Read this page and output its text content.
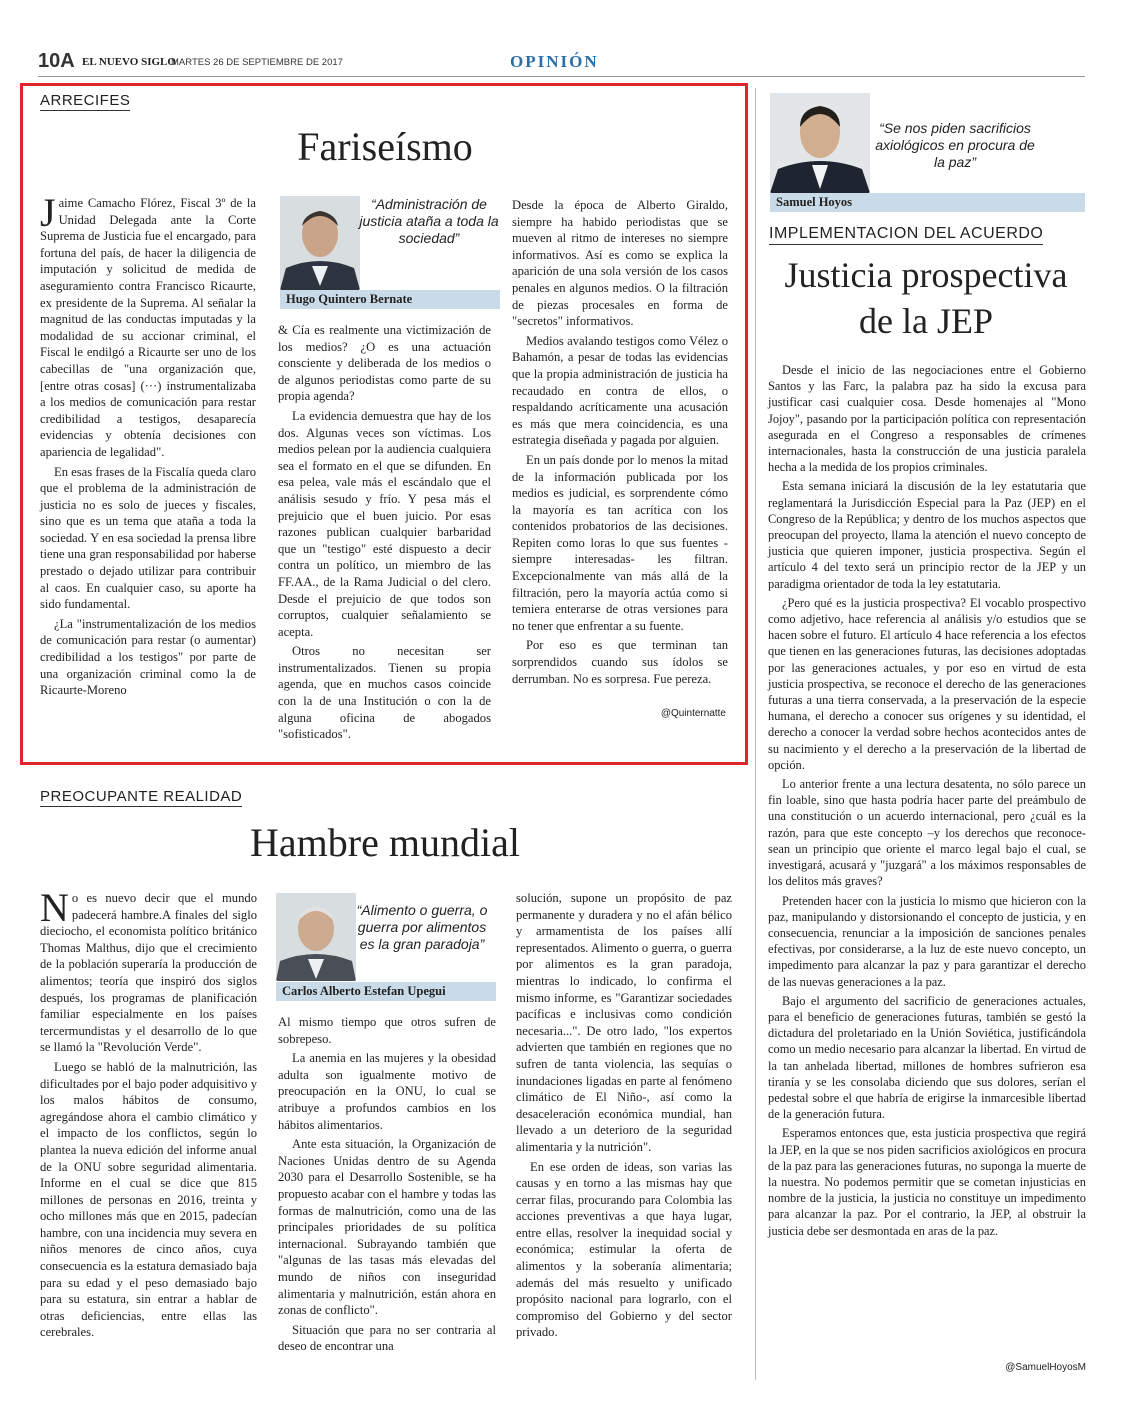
10A EL NUEVO SIGLO
MARTES 26 DE SEPTIEMBRE DE 2017	OPINIÓN
ARRECIFES
Fariseísmo

Jaime Camacho Flórez, Fiscal 3º de la Unidad Delegada ante la Corte Suprema de Justicia fue el encargado, para fortuna del país, de hacer la diligencia de imputación y solicitud de medida de aseguramiento contra Francisco Ricaurte, ex presidente de la Suprema. Al señalar la magnitud de las conductas imputadas y la modalidad de su accionar criminal, el Fiscal le endilgó a Ricaurte ser uno de los cabecillas de "una organización que, [entre otras cosas] (···) instrumentalizaba a los medios de comunicación para restar credibilidad a testigos, desaparecía evidencias y obtenía decisiones con apariencia de legalidad".

En esas frases de la Fiscalía queda claro que el problema de la administración de justicia no es solo de jueces y fiscales, sino que es un tema que ataña a toda la sociedad. Y en esa sociedad la prensa libre tiene una gran responsabilidad por haberse prestado o dejado utilizar para contribuir al caos. En cualquier caso, su aporte ha sido fundamental.

¿La "instrumentalización de los medios de comunicación para restar (o aumentar) credibilidad a los testigos" por parte de una organización criminal como la de Ricaurte-Moreno

“Administración de justicia ataña a toda la sociedad”
Hugo Quintero Bernate

& Cía es realmente una victimización de los medios? ¿O es una actuación consciente y deliberada de los medios o de algunos periodistas como parte de su propia agenda?

La evidencia demuestra que hay de los dos. Algunas veces son víctimas. Los medios pelean por la audiencia cualquiera sea el formato en el que se difunden. En esa pelea, vale más el escándalo que el análisis sesudo y frío. Y pesa más el prejuicio que el buen juicio. Por esas razones publican cualquier barbaridad que un "testigo" esté dispuesto a decir contra un político, un miembro de las FF.AA., de la Rama Judicial o del clero. Desde el prejuicio de que todos son corruptos, cualquier señalamiento se acepta.

Otros no necesitan ser instrumentalizados. Tienen su propia agenda, que en muchos casos coincide con la de una Institución o con la de alguna oficina de abogados "sofisticados".

Desde la época de Alberto Giraldo, siempre ha habido periodistas que se mueven al ritmo de intereses no siempre informativos. Así es como se explica la aparición de una sola versión de los casos penales en algunos medios. O la filtración de piezas procesales en forma de "secretos" informativos.

Medios avalando testigos como Vélez o Bahamón, a pesar de todas las evidencias que la propia administración de justicia ha recaudado en contra de ellos, o respaldando acríticamente una acusación es más que mera coincidencia, es una estrategia diseñada y pagada por alguien.

En un país donde por lo menos la mitad de la información publicada por los medios es judicial, es sorprendente cómo la mayoría es tan acrítica con los contenidos probatorios de las decisiones. Repiten como loras lo que sus fuentes -siempre interesadas- les filtran. Excepcionalmente van más allá de la filtración, pero la mayoría actúa como si temiera enterarse de otras versiones para no tener que enfrentar a su fuente.

Por eso es que terminan tan sorprendidos cuando sus ídolos se derrumban. No es sorpresa. Fue pereza.

@Quinternatte
PREOCUPANTE REALIDAD
Hambre mundial

No es nuevo decir que el mundo padecerá hambre.A finales del siglo dieciocho, el economista político británico Thomas Malthus, dijo que el crecimiento de la población superaría la producción de alimentos; teoría que inspiró dos siglos después, los programas de planificación familiar especialmente en los países tercermundistas y el desarrollo de lo que se llamó la "Revolución Verde".

Luego se habló de la malnutrición, las dificultades por el bajo poder adquisitivo y los malos hábitos de consumo, agregándose ahora el cambio climático y el impacto de los conflictos, según lo plantea la nueva edición del informe anual de la ONU sobre seguridad alimentaria. Informe en el cual se dice que 815 millones de personas en 2016, treinta y ocho millones más que en 2015, padecían hambre, con una incidencia muy severa en niños menores de cinco años, cuya consecuencia es la estatura demasiado baja para su edad y el peso demasiado bajo para su estatura, sin entrar a hablar de otras deficiencias, entre ellas las cerebrales.

“Alimento o guerra, o guerra por alimentos es la gran paradoja”
Carlos Alberto Estefan Upegui

Al mismo tiempo que otros sufren de sobrepeso.

La anemia en las mujeres y la obesidad adulta son igualmente motivo de preocupación en la ONU, lo cual se atribuye a profundos cambios en los hábitos alimentarios.

Ante esta situación, la Organización de Naciones Unidas dentro de su Agenda 2030 para el Desarrollo Sostenible, se ha propuesto acabar con el hambre y todas las formas de malnutrición, como una de las principales prioridades de su política internacional. Subrayando también que "algunas de las tasas más elevadas del mundo de niños con inseguridad alimentaria y malnutrición, están ahora en zonas de conflicto".

Situación que para no ser contraria al deseo de encontrar una

solución, supone un propósito de paz permanente y duradera y no el afán bélico y armamentista de los países allí representados. Alimento o guerra, o guerra por alimentos es la gran paradoja, mientras lo indicado, lo confirma el mismo informe, es "Garantizar sociedades pacíficas e inclusivas como condición necesaria...". De otro lado, "los expertos advierten que también en regiones que no sufren de tanta violencia, las sequías o inundaciones ligadas en parte al fenómeno climático de El Niño-, así como la desaceleración económica mundial, han llevado a un deterioro de la seguridad alimentaria y la nutrición".

En ese orden de ideas, son varias las causas y en torno a las mismas hay que cerrar filas, procurando para Colombia las acciones preventivas a que haya lugar, entre ellas, resolver la inequidad social y económica; estimular la oferta de alimentos y la soberanía alimentaria; además del más resuelto y unificado propósito nacional para lograrlo, con el compromiso del Gobierno y del sector privado.

“Se nos piden sacrificios axiológicos en procura de la paz”
Samuel Hoyos
IMPLEMENTACION DEL ACUERDO
Justicia prospectiva
de la JEP

Desde el inicio de las negociaciones entre el Gobierno Santos y las Farc, la palabra paz ha sido la excusa para justificar casi cualquier cosa. Desde homenajes al "Mono Jojoy", pasando por la participación política con representación asegurada en el Congreso a responsables de crímenes internacionales, hasta la construcción de una justicia paralela hecha a la medida de los propios criminales.

Esta semana iniciará la discusión de la ley estatutaria que reglamentará la Jurisdicción Especial para la Paz (JEP) en el Congreso de la República; y dentro de los muchos aspectos que preocupan del proyecto, llama la atención el nuevo concepto de justicia que quieren imponer, justicia prospectiva. Según el artículo 4 del texto será un principio rector de la JEP y un paradigma orientador de toda la ley estatutaria.

¿Pero qué es la justicia prospectiva? El vocablo prospectivo como adjetivo, hace referencia al análisis y/o estudios que se hacen sobre el futuro. El artículo 4 hace referencia a los efectos que tienen en las generaciones futuras, las decisiones adoptadas por las generaciones actuales, y por eso en virtud de esta justicia prospectiva, se reconoce el derecho de las generaciones futuras a una tierra conservada, a la preservación de la especie humana, el derecho a conocer sus orígenes y su identidad, el derecho a conocer la verdad sobre hechos acontecidos antes de su nacimiento y el derecho a la preservación de la libertad de opción.

Lo anterior frente a una lectura desatenta, no sólo parece un fin loable, sino que hasta podría hacer parte del preámbulo de una constitución o un acuerdo internacional, pero ¿cuál es la razón, para que este concepto –y los derechos que reconoce- sean un principio que oriente el marco legal bajo el cual, se investigará, acusará y "juzgará" a los máximos responsables de los delitos más graves?

Pretenden hacer con la justicia lo mismo que hicieron con la paz, manipulando y distorsionando el concepto de justicia, y en consecuencia, renunciar a la imposición de sanciones penales efectivas, por considerarse, a la luz de este nuevo concepto, un impedimento para alcanzar la paz y para garantizar el derecho de las nuevas generaciones a la paz.

Bajo el argumento del sacrificio de generaciones actuales, para el beneficio de generaciones futuras, también se gestó la dictadura del proletariado en la Unión Soviética, justificándola como un medio necesario para alcanzar la libertad. En virtud de la tan anhelada libertad, millones de hombres sufrieron esa tiranía y se les consolaba diciendo que sus dolores, serían el pedestal sobre el que habría de erigirse la inmarcesible libertad de la generación futura.

Esperamos entonces que, esta justicia prospectiva que regirá la JEP, en la que se nos piden sacrificios axiológicos en procura de la paz para las generaciones futuras, no suponga la muerte de la nuestra. No podemos permitir que se cometan injusticias en nombre de la justicia, la justicia no constituye un impedimento para alcanzar la paz. Por el contrario, la JEP, al obstruir la justicia debe ser desmontada en aras de la paz.

@SamuelHoyosM
